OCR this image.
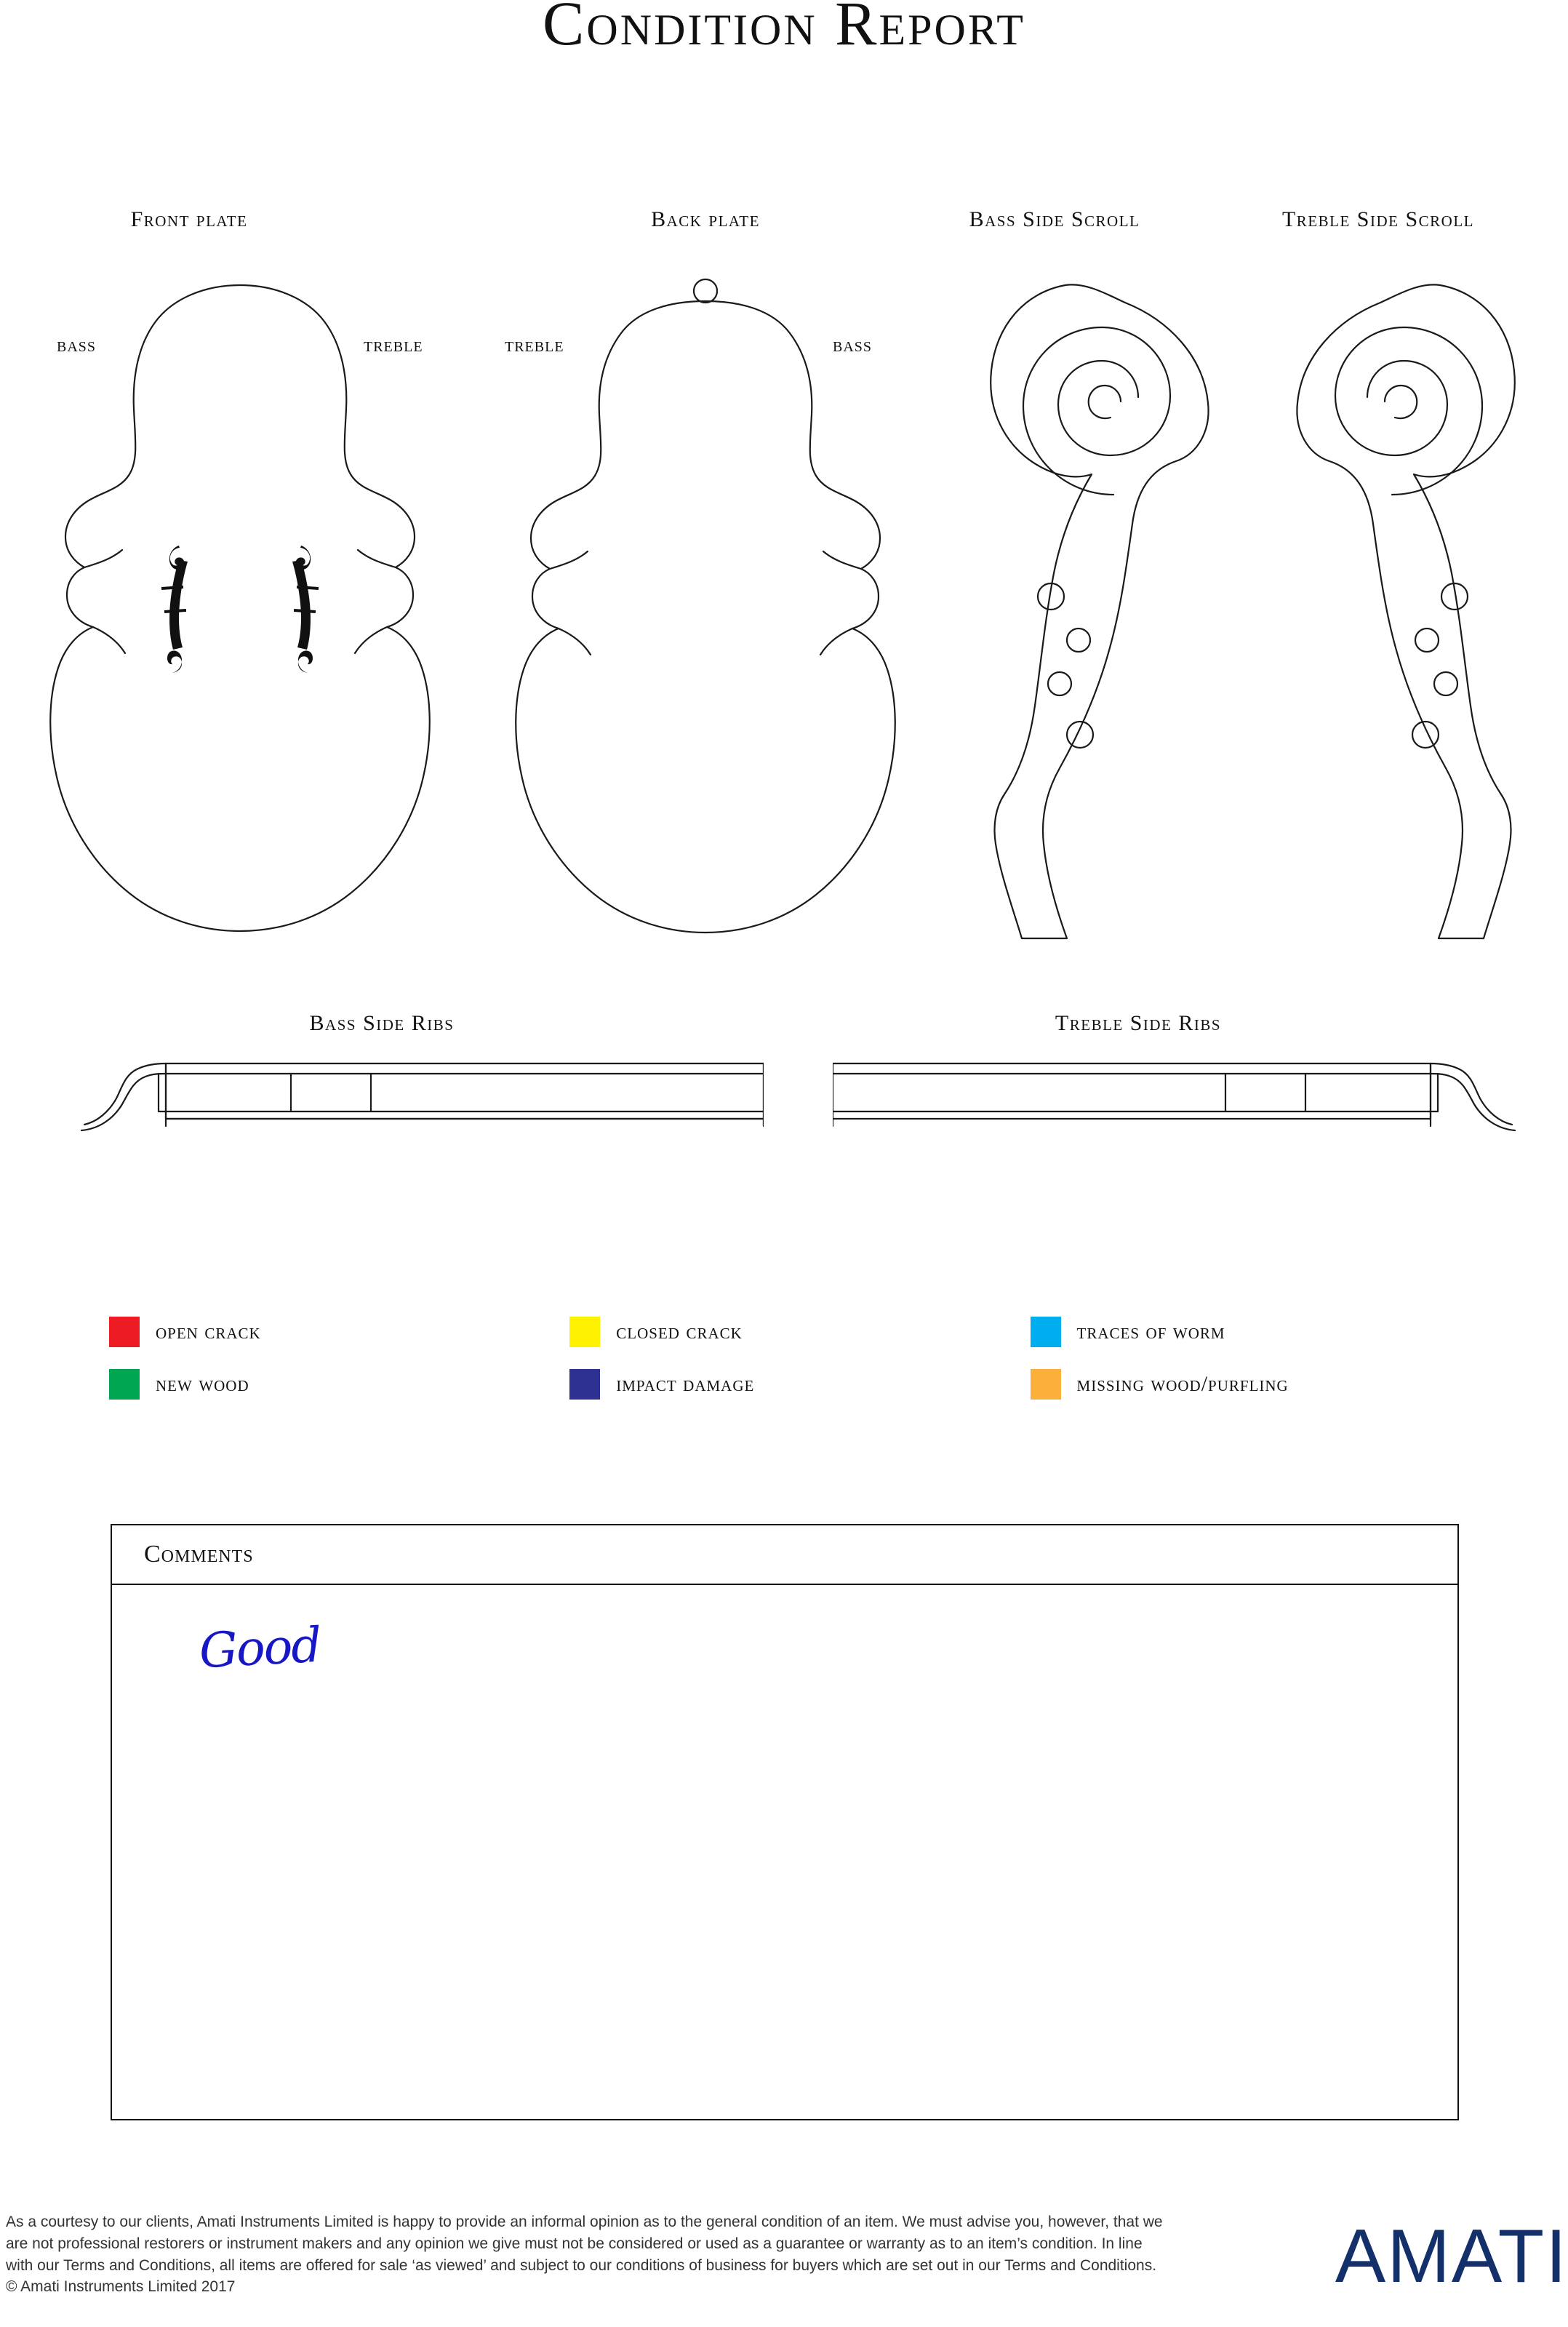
Condition Report
Front plate	Back plate	Bass Side Scroll	Treble Side Scroll
BASS	TREBLE	TREBLE	BASS
Bass Side Ribs	Treble Side Ribs
open crack	closed crack	traces of worm
new wood	impact damage	missing wood/purfling
Comments
Good
As a courtesy to our clients, Amati Instruments Limited is happy to provide an informal opinion as to the general condition of an item. We must advise you, however, that we are not professional restorers or instrument makers and any opinion we give must not be considered or used as a guarantee or warranty as to an item’s condition. In line with our Terms and Conditions, all items are offered for sale ‘as viewed’ and subject to our conditions of business for buyers which are set out in our Terms and Conditions. © Amati Instruments Limited 2017	AMATI
